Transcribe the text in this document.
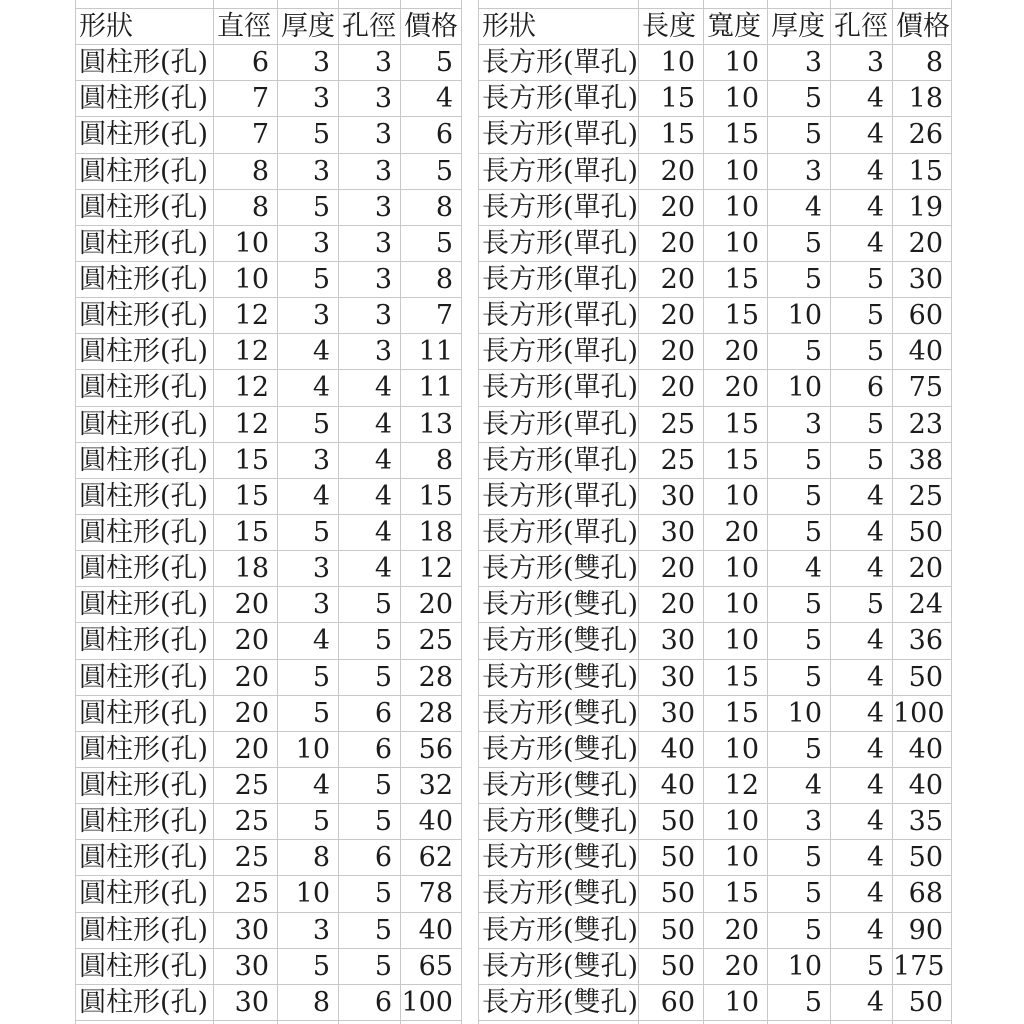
形狀	直徑 厚度 孔徑 價格
圓柱形(孔)	6	3	3	5
圓柱形(孔)	7	3	3	4
圓柱形(孔)	7	5	3	6
圓柱形(孔)	8	3	3	5
圓柱形(孔)	8	5	3	8
圓柱形(孔) 10	3	3	5
圓柱形(孔) 10	5	3	8
圓柱形(孔) 12	3	3	7
圓柱形(孔) 12	4	3 11
圓柱形(孔) 12	4	4 11
圓柱形(孔) 12	5	4 13
圓柱形(孔) 15	3	4	8
圓柱形(孔) 15	4	4 15
圓柱形(孔) 15	5	4 18
圓柱形(孔) 18	3	4 12
圓柱形(孔) 20	3	5 20
圓柱形(孔) 20	4	5 25
圓柱形(孔) 20	5	5 28
圓柱形(孔) 20	5	6 28
圓柱形(孔) 20 10	6 56
圓柱形(孔) 25	4	5 32
圓柱形(孔) 25	5	5 40
圓柱形(孔) 25	8	6 62
圓柱形(孔) 25 10	5 78
圓柱形(孔) 30	3	5 40
圓柱形(孔) 30	5	5 65
圓柱形(孔) 30	8	6 100
形狀	長度 寬度 厚度 孔徑 價格
長方形(單孔) 10	10	3	3	8
長方形(單孔) 15	10	5	4 18
長方形(單孔) 15	15	5	4 26
長方形(單孔) 20	10	3	4 15
長方形(單孔) 20	10	4	4 19
長方形(單孔) 20	10	5	4 20
長方形(單孔) 20	15	5	5 30
長方形(單孔) 20	15	10	5 60
長方形(單孔) 20	20	5	5 40
長方形(單孔) 20	20	10	6 75
長方形(單孔) 25	15	3	5 23
長方形(單孔) 25	15	5	5 38
長方形(單孔) 30	10	5	4 25
長方形(單孔) 30	20	5	4 50
長方形(雙孔) 20	10	4	4 20
長方形(雙孔) 20	10	5	5 24
長方形(雙孔) 30	10	5	4 36
長方形(雙孔) 30	15	5	4 50
長方形(雙孔) 30	15	10	4 100
長方形(雙孔) 40	10	5	4 40
長方形(雙孔) 40	12	4	4 40
長方形(雙孔) 50	10	3	4 35
長方形(雙孔) 50	10	5	4 50
長方形(雙孔) 50	15	5	4 68
長方形(雙孔) 50	20	5	4 90
長方形(雙孔) 50	20	10	5 175
長方形(雙孔) 60	10	5	4 50
